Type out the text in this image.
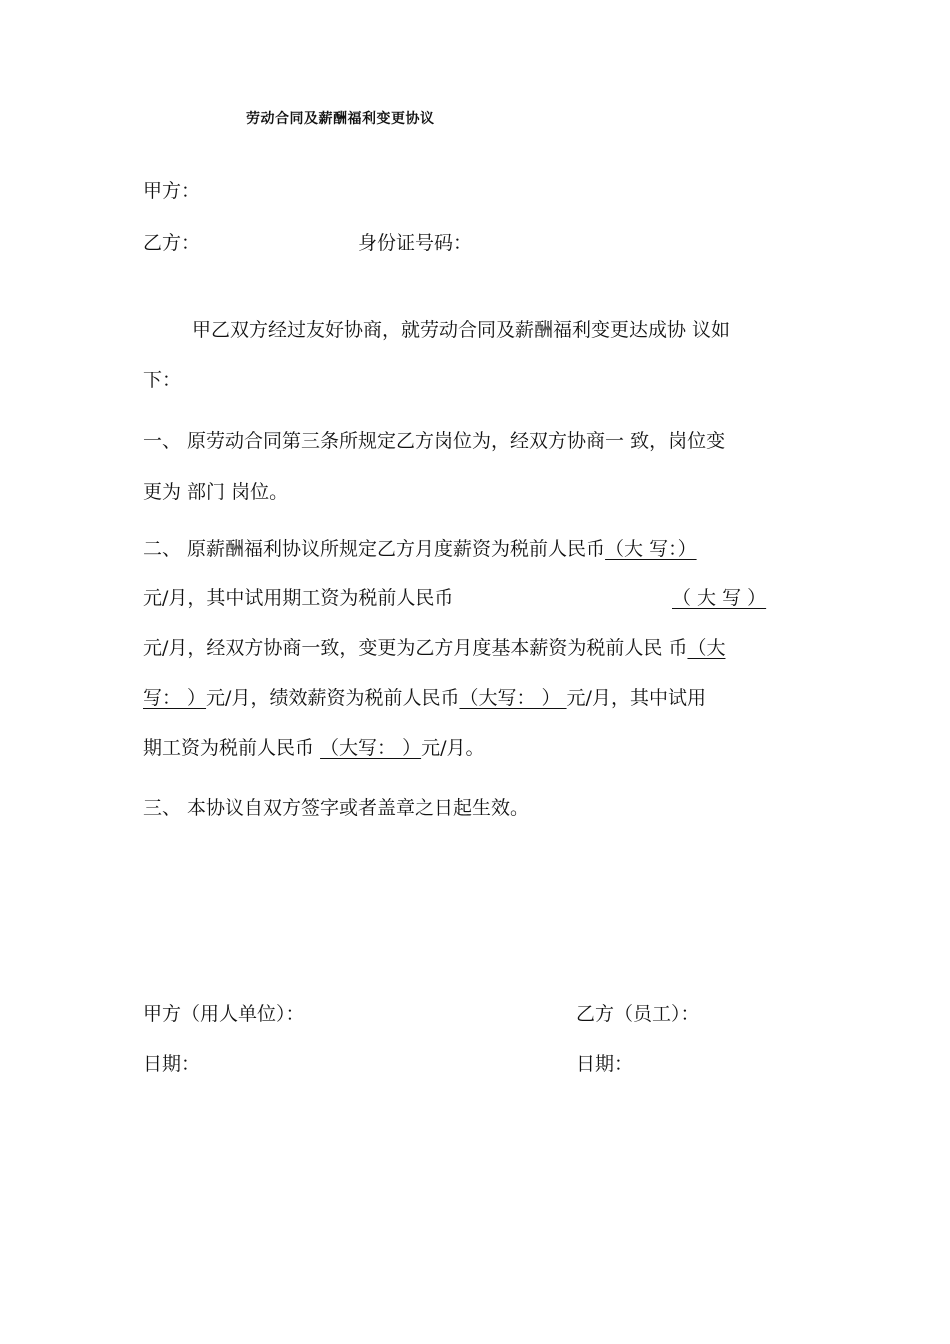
劳动合同及薪酬福利变更协议
甲方：
乙方：	身份证号码：
甲乙双方经过友好协商，就劳动合同及薪酬福利变更达成协 议如
下：
一、 原劳动合同第三条所规定乙方岗位为，经双方协商一 致，岗位变
更为 部门 岗位。
二、 原薪酬福利协议所规定乙方月度薪资为税前人民币（大 写：）
元/月，其中试用期工资为税前人民币	（ 大 写 ）
元/月，经双方协商一致，变更为乙方月度基本薪资为税前人民 币（大
写： ）元/月，绩效薪资为税前人民币（大写： ） 元/月，其中试用
期工资为税前人民币 （大写： ）元/月。
三、 本协议自双方签字或者盖章之日起生效。
甲方（用人单位）：	乙方（员工）：
日期：	日期：
